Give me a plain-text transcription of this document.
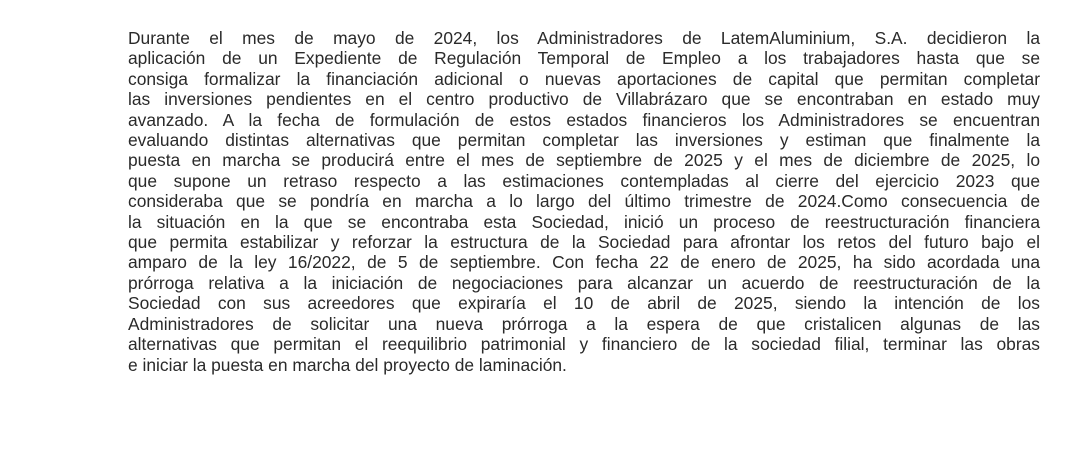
Durante el mes de mayo de 2024, los Administradores de LatemAluminium, S.A. decidieron la
aplicación de un Expediente de Regulación Temporal de Empleo a los trabajadores hasta que se
consiga formalizar la financiación adicional o nuevas aportaciones de capital que permitan completar
las inversiones pendientes en el centro productivo de Villabrázaro que se encontraban en estado muy
avanzado. A la fecha de formulación de estos estados financieros los Administradores se encuentran
evaluando distintas alternativas que permitan completar las inversiones y estiman que finalmente la
puesta en marcha se producirá entre el mes de septiembre de 2025 y el mes de diciembre de 2025, lo
que supone un retraso respecto a las estimaciones contempladas al cierre del ejercicio 2023 que
consideraba que se pondría en marcha a lo largo del último trimestre de 2024.Como consecuencia de
la situación en la que se encontraba esta Sociedad, inició un proceso de reestructuración financiera
que permita estabilizar y reforzar la estructura de la Sociedad para afrontar los retos del futuro bajo el
amparo de la ley 16/2022, de 5 de septiembre. Con fecha 22 de enero de 2025, ha sido acordada una
prórroga relativa a la iniciación de negociaciones para alcanzar un acuerdo de reestructuración de la
Sociedad con sus acreedores que expiraría el 10 de abril de 2025, siendo la intención de los
Administradores de solicitar una nueva prórroga a la espera de que cristalicen algunas de las
alternativas que permitan el reequilibrio patrimonial y financiero de la sociedad filial, terminar las obras
e iniciar la puesta en marcha del proyecto de laminación.
